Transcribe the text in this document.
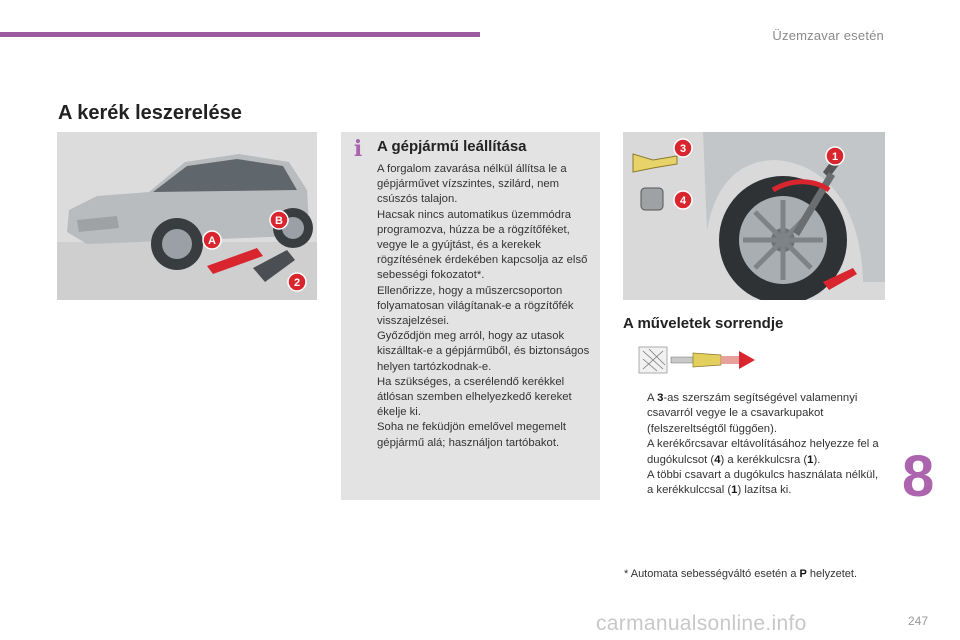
Üzemzavar esetén
A kerék leszerelése
A
B
2
i A gépjármű leállítása

A forgalom zavarása nélkül állítsa le a gépjárművet vízszintes, szilárd, nem csúszós talajon.

Hacsak nincs automatikus üzemmódra programozva, húzza be a rögzítőféket, vegye le a gyújtást, és a kerekek rögzítésének érdekében kapcsolja az első sebességi fokozatot*.

Ellenőrizze, hogy a műszercsoporton folyamatosan világítanak-e a rögzítőfék visszajelzései.

Győződjön meg arról, hogy az utasok kiszálltak-e a gépjárműből, és biztonságos helyen tartózkodnak-e.

Ha szükséges, a cserélendő kerékkel átlósan szemben elhelyezkedő kereket ékelje ki.

Soha ne feküdjön emelővel megemelt gépjármű alá; használjon tartóbakot.

3
4
1
A műveletek sorrendje
A 3-as szerszám segítségével valamennyi csavarról vegye le a csavarkupakot (felszereltségtől függően).
A kerékőrcsavar eltávolításához helyezze fel a dugókulcsot (4) a kerékkulcsra (1).
A többi csavart a dugókulcs használata nélkül, a kerékkulccsal (1) lazítsa ki.
* Automata sebességváltó esetén a P helyzetet.
8
247
carmanualsonline.info
